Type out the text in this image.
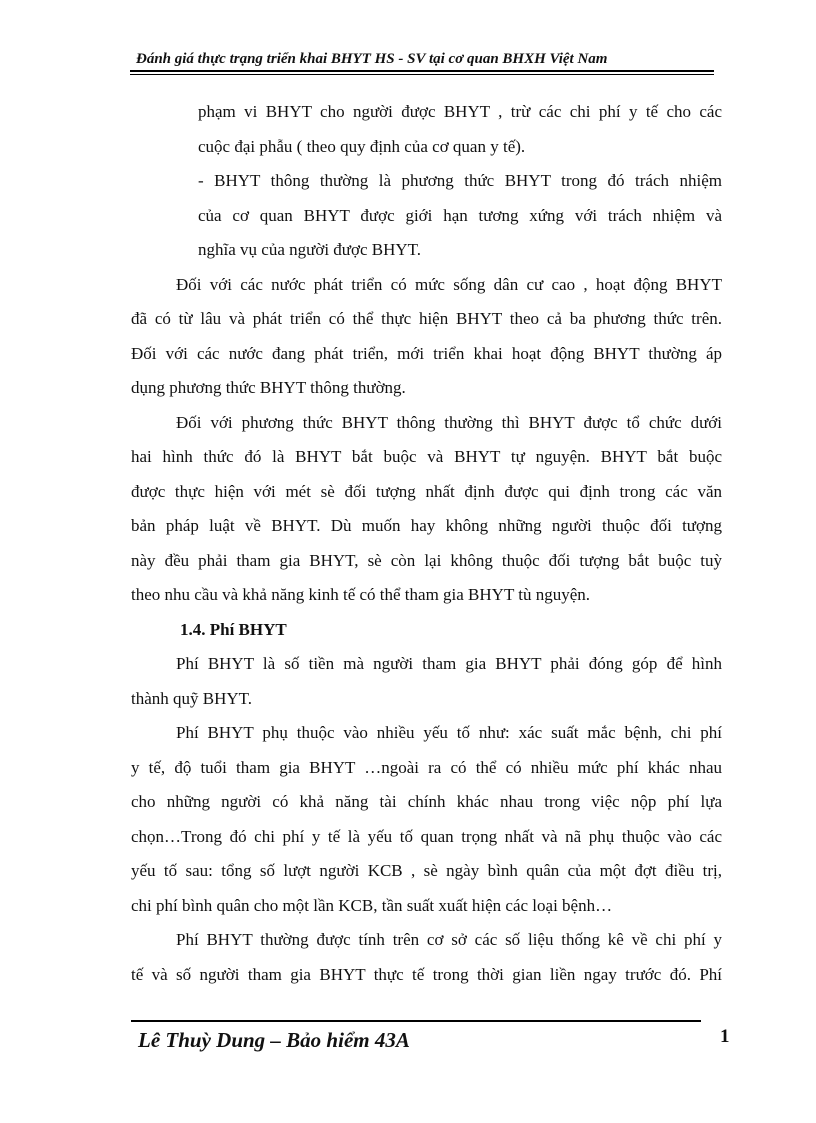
Đánh giá thực trạng triển khai BHYT HS - SV tại cơ quan BHXH Việt Nam
phạm vi BHYT cho người được BHYT , trừ các chi phí y tế cho các
cuộc đại phẫu ( theo quy định của cơ quan y tế).
- BHYT thông thường là phương thức BHYT trong đó trách nhiệm
của cơ quan BHYT được giới hạn tương xứng với trách nhiệm và
nghĩa vụ của người được BHYT.
Đối với các nước phát triển có mức sống dân cư cao , hoạt động BHYT
đã có từ lâu và phát triển có thể thực hiện BHYT theo cả ba phương thức trên.
Đối với các nước đang phát triển, mới triển khai hoạt động BHYT thường áp
dụng phương thức BHYT thông thường.
Đối với phương thức BHYT thông thường thì BHYT được tổ chức dưới
hai hình thức đó là BHYT bắt buộc và BHYT tự nguyện. BHYT bắt buộc
được thực hiện với mét sè đối tượng nhất định được qui định trong các văn
bản pháp luật về BHYT. Dù muốn hay không những người thuộc đối tượng
này đều phải tham gia BHYT, sè còn lại không thuộc đối tượng bắt buộc tuỳ
theo nhu cầu và khả năng kinh tế có thể tham gia BHYT tù nguyện.
1.4. Phí BHYT
Phí BHYT là số tiền mà người tham gia BHYT phải đóng góp để hình
thành quỹ BHYT.
Phí BHYT phụ thuộc vào nhiều yếu tố như: xác suất mắc bệnh, chi phí
y tế, độ tuổi tham gia BHYT …ngoài ra có thể có nhiều mức phí khác nhau
cho những người có khả năng tài chính khác nhau trong việc nộp phí lựa
chọn…Trong đó chi phí y tế là yếu tố quan trọng nhất và nã phụ thuộc vào các
yếu tố sau: tổng số lượt người KCB , sè ngày bình quân của một đợt điều trị,
chi phí bình quân cho một lần KCB, tần suất xuất hiện các loại bệnh…
Phí BHYT thường được tính trên cơ sở các số liệu thống kê về chi phí y
tế và số người tham gia BHYT thực tế trong thời gian liền ngay trước đó. Phí
Lê Thuỳ Dung – Bảo hiểm 43A	1
